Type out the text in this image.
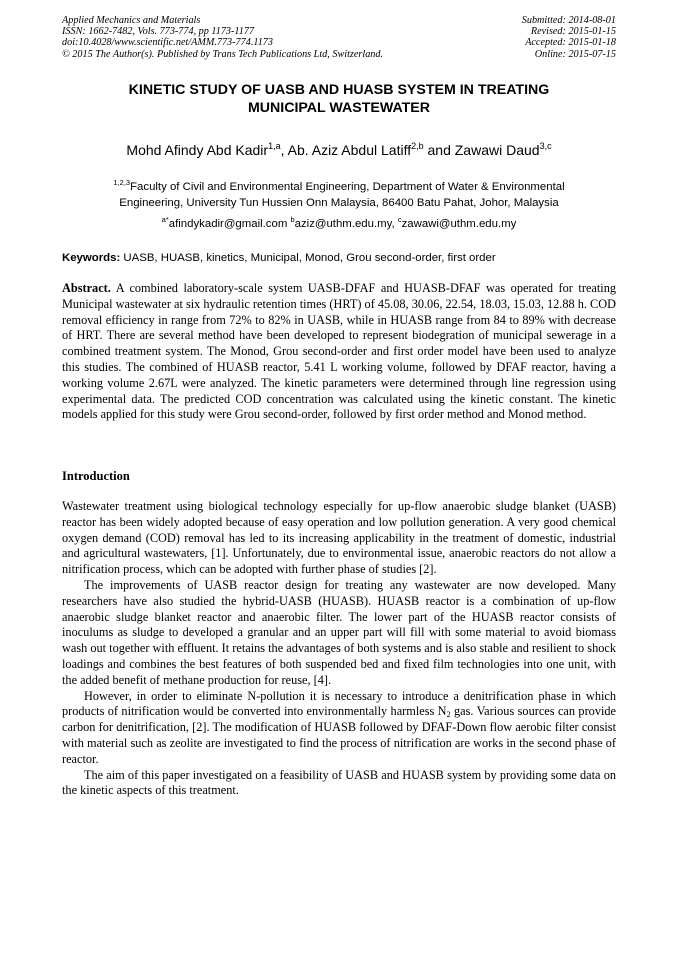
Applied Mechanics and Materials
ISSN: 1662-7482, Vols. 773-774, pp 1173-1177
doi:10.4028/www.scientific.net/AMM.773-774.1173
© 2015 The Author(s). Published by Trans Tech Publications Ltd, Switzerland.
Submitted: 2014-08-01
Revised: 2015-01-15
Accepted: 2015-01-18
Online: 2015-07-15
KINETIC STUDY OF UASB AND HUASB SYSTEM IN TREATING
MUNICIPAL WASTEWATER
Mohd Afindy Abd Kadir$^{1,a}$, Ab. Aziz Abdul Latiff$^{2,b}$ and Zawawi Daud$^{3,c}$
$^{1,2,3}$Faculty of Civil and Environmental Engineering, Department of Water & Environmental
Engineering, University Tun Hussien Onn Malaysia, 86400 Batu Pahat, Johor, Malaysia
$^{a*}$afindykadir@gmail.com $^b$aziz@uthm.edu.my, $^c$zawawi@uthm.edu.my
Keywords: UASB, HUASB, kinetics, Municipal, Monod, Grou second-order, first order
Abstract. A combined laboratory-scale system UASB-DFAF and HUASB-DFAF was operated for treating Municipal wastewater at six hydraulic retention times (HRT) of 45.08, 30.06, 22.54, 18.03, 15.03, 12.88 h. COD removal efficiency in range from 72% to 82% in UASB, while in HUASB range from 84 to 89% with decrease of HRT. There are several method have been developed to represent biodegration of municipal sewerage in a combined treatment system. The Monod, Grou second-order and first order model have been used to analyze this studies. The combined of HUASB reactor, 5.41 L working volume, followed by DFAF reactor, having a working volume 2.67L were analyzed. The kinetic parameters were determined through line regression using experimental data. The predicted COD concentration was calculated using the kinetic constant. The kinetic models applied for this study were Grou second-order, followed by first order method and Monod method.
Introduction

Wastewater treatment using biological technology especially for up-flow anaerobic sludge blanket (UASB) reactor has been widely adopted because of easy operation and low pollution generation. A very good chemical oxygen demand (COD) removal has led to its increasing applicability in the treatment of domestic, industrial and agricultural wastewaters, [1]. Unfortunately, due to environmental issue, anaerobic reactors do not allow a nitrification process, which can be adopted with further phase of studies [2].

The improvements of UASB reactor design for treating any wastewater are now developed. Many researchers have also studied the hybrid-UASB (HUASB). HUASB reactor is a combination of up-flow anaerobic sludge blanket reactor and anaerobic filter. The lower part of the HUASB reactor consists of inoculums as sludge to developed a granular and an upper part will fill with some material to avoid biomass wash out together with effluent. It retains the advantages of both systems and is also stable and resilient to shock loadings and combines the best features of both suspended bed and fixed film technologies into one unit, with the added benefit of methane production for reuse, [4].

However, in order to eliminate N-pollution it is necessary to introduce a denitrification phase in which products of nitrification would be converted into environmentally harmless $N_2$ gas. Various sources can provide carbon for denitrification, [2]. The modification of HUASB followed by DFAF-Down flow aerobic filter consist with material such as zeolite are investigated to find the process of nitrification are works in the second phase of reactor.

The aim of this paper investigated on a feasibility of UASB and HUASB system by providing some data on the kinetic aspects of this treatment.
